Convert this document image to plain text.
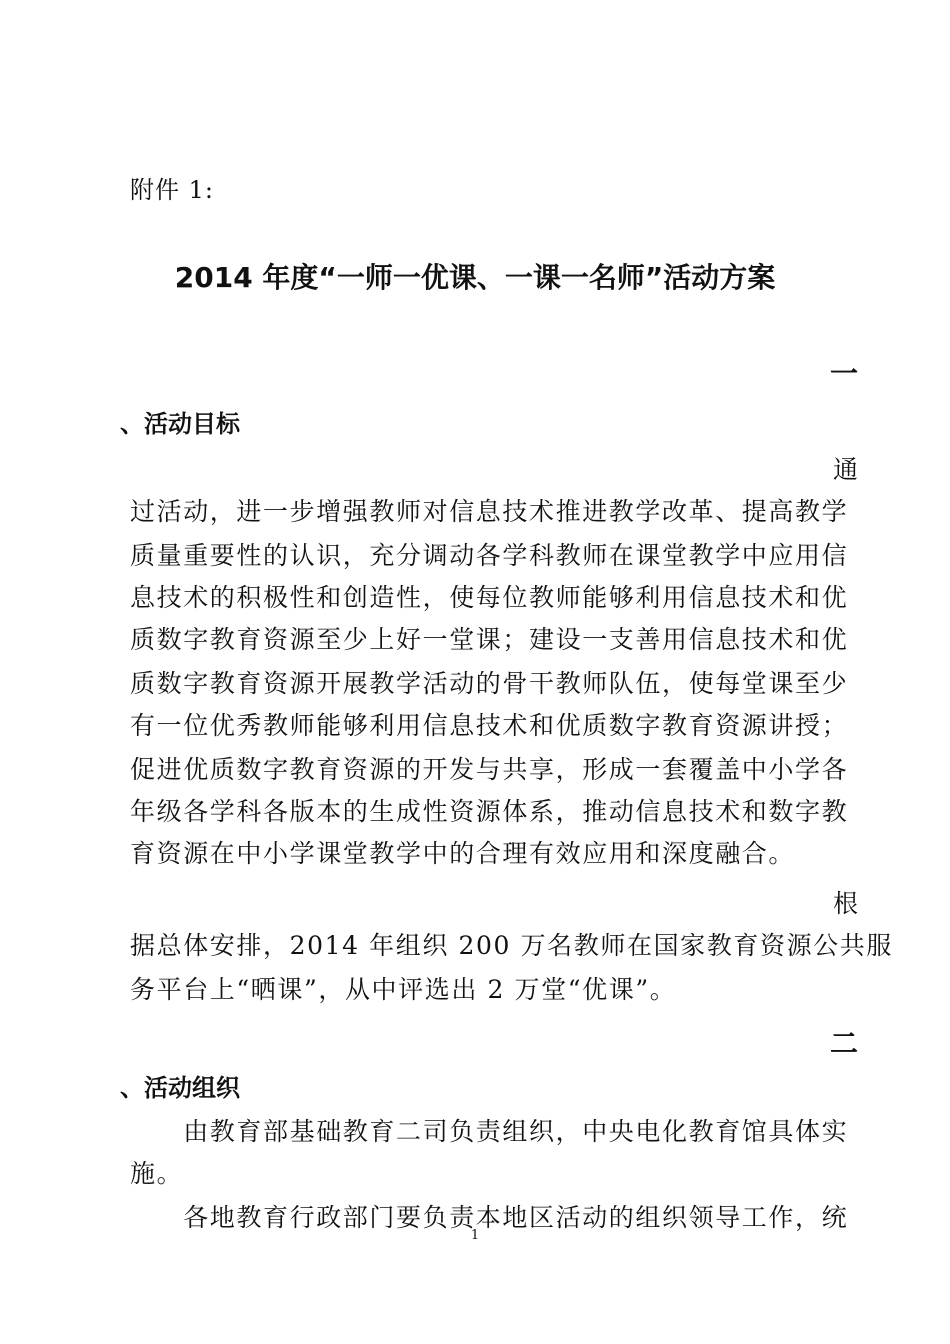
附件 1:
2014 年度“一师一优课、一课一名师”活动方案
一
、活动目标
通
过活动，进一步增强教师对信息技术推进教学改革、提高教学
质量重要性的认识，充分调动各学科教师在课堂教学中应用信
息技术的积极性和创造性，使每位教师能够利用信息技术和优
质数字教育资源至少上好一堂课；建设一支善用信息技术和优
质数字教育资源开展教学活动的骨干教师队伍，使每堂课至少
有一位优秀教师能够利用信息技术和优质数字教育资源讲授；
促进优质数字教育资源的开发与共享，形成一套覆盖中小学各
年级各学科各版本的生成性资源体系，推动信息技术和数字教
育资源在中小学课堂教学中的合理有效应用和深度融合。
根
据总体安排，2014 年组织 200 万名教师在国家教育资源公共服
务平台上“晒课”，从中评选出 2 万堂“优课”。
二
、活动组织
　　由教育部基础教育二司负责组织，中央电化教育馆具体实
施。
　　各地教育行政部门要负责本地区活动的组织领导工作，统
1
